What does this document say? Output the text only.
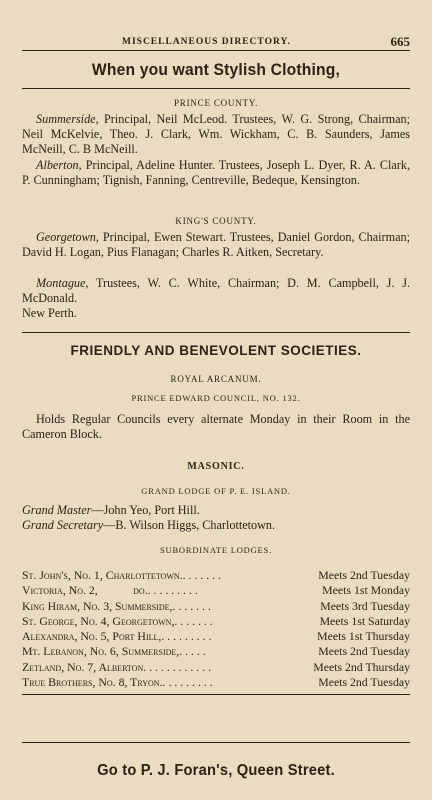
MISCELLANEOUS DIRECTORY.	665
When you want Stylish Clothing,
PRINCE COUNTY.
Summerside, Principal, Neil McLeod. Trustees, W. G. Strong, Chairman; Neil McKelvie, Theo. J. Clark, Wm. Wickham, C. B. Saunders, James McNeill, C. B McNeill.
Alberton, Principal, Adeline Hunter. Trustees, Joseph L. Dyer, R. A. Clark, P. Cunningham; Tignish, Fanning, Centreville, Bedeque, Kensington.
KING'S COUNTY.
Georgetown, Principal, Ewen Stewart. Trustees, Daniel Gordon, Chairman; David H. Logan, Pius Flanagan; Charles R. Aitken, Secretary.
Montague, Trustees, W. C. White, Chairman; D. M. Campbell, J. J. McDonald.
New Perth.
FRIENDLY AND BENEVOLENT SOCIETIES.
ROYAL ARCANUM.
PRINCE EDWARD COUNCIL, NO. 132.
Holds Regular Councils every alternate Monday in their Room in the Cameron Block.
MASONIC.
GRAND LODGE OF P. E. ISLAND.
Grand Master—John Yeo, Port Hill.
Grand Secretary—B. Wilson Higgs, Charlottetown.
SUBORDINATE LODGES.
St. John's, No. 1, Charlottetown.. . . . . . .	Meets 2nd Tuesday
Victoria, No. 2,            do.. . . . . . . . .	Meets 1st Monday
King Hiram, No. 3, Summerside,. . . . . . .	Meets 3rd Tuesday
St. George, No. 4, Georgetown,. . . . . . .	Meets 1st Saturday
Alexandra, No. 5, Port Hill,. . . . . . . . .	Meets 1st Thursday
Mt. Lebanon, No. 6, Summerside,. . . . .	Meets 2nd Tuesday
Zetland, No. 7, Alberton. . . . . . . . . . . .	Meets 2nd Thursday
True Brothers, No. 8, Tryon.. . . . . . . . .	Meets 2nd Tuesday
Go to P. J. Foran's, Queen Street.
